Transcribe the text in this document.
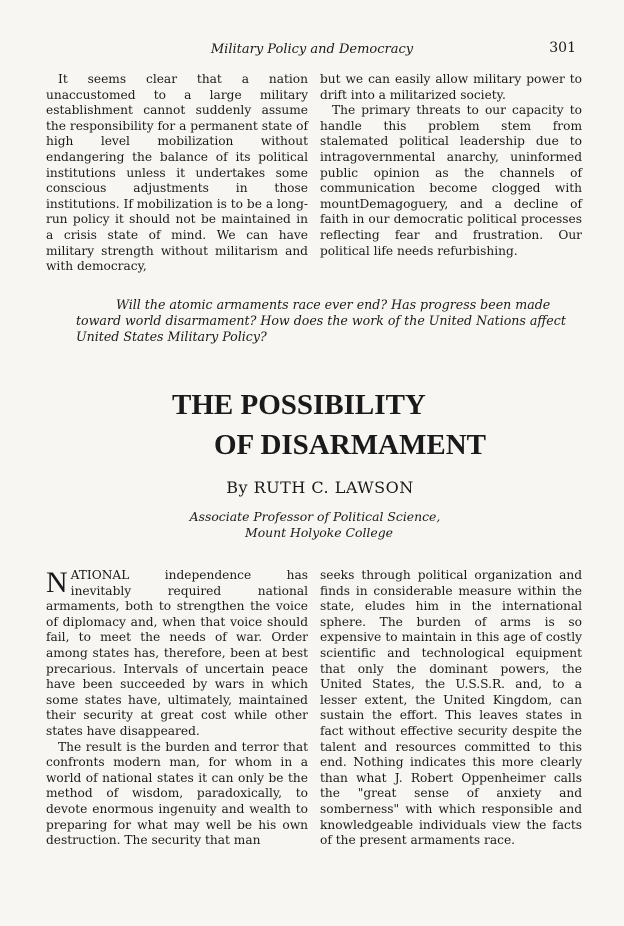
Military Policy and Democracy	301

It seems clear that a nation unaccustomed to a large military establishment cannot suddenly assume the responsibility for a permanent state of high level mobilization without endangering the balance of its political institutions unless it undertakes some conscious adjustments in those institutions. If mobilization is to be a long-run policy it should not be maintained in a crisis state of mind. We can have military strength without militarism and with democracy,

but we can easily allow military power to drift into a militarized society.

The primary threats to our capacity to handle this problem stem from stalemated political leadership due to intragovernmental anarchy, uninformed public opinion as the channels of communication become clogged with mountDemagoguery, and a decline of faith in our democratic political processes reflecting fear and frustration. Our political life needs refurbishing.

Will the atomic armaments race ever end? Has progress been made toward world disarmament? How does the work of the United Nations affect United States Military Policy?
THE POSSIBILITY
OF DISARMAMENT
By RUTH C. LAWSON
Associate Professor of Political Science,
Mount Holyoke College

NATIONAL independence has inevitably required national armaments, both to strengthen the voice of diplomacy and, when that voice should fail, to meet the needs of war. Order among states has, therefore, been at best precarious. Intervals of uncertain peace have been succeeded by wars in which some states have, ultimately, maintained their security at great cost while other states have disappeared.

The result is the burden and terror that confronts modern man, for whom in a world of national states it can only be the method of wisdom, paradoxically, to devote enormous ingenuity and wealth to preparing for what may well be his own destruction. The security that man

seeks through political organization and finds in considerable measure within the state, eludes him in the international sphere. The burden of arms is so expensive to maintain in this age of costly scientific and technological equipment that only the dominant powers, the United States, the U.S.S.R. and, to a lesser extent, the United Kingdom, can sustain the effort. This leaves states in fact without effective security despite the talent and resources committed to this end. Nothing indicates this more clearly than what J. Robert Oppenheimer calls the "great sense of anxiety and somberness" with which responsible and knowledgeable individuals view the facts of the present armaments race.
